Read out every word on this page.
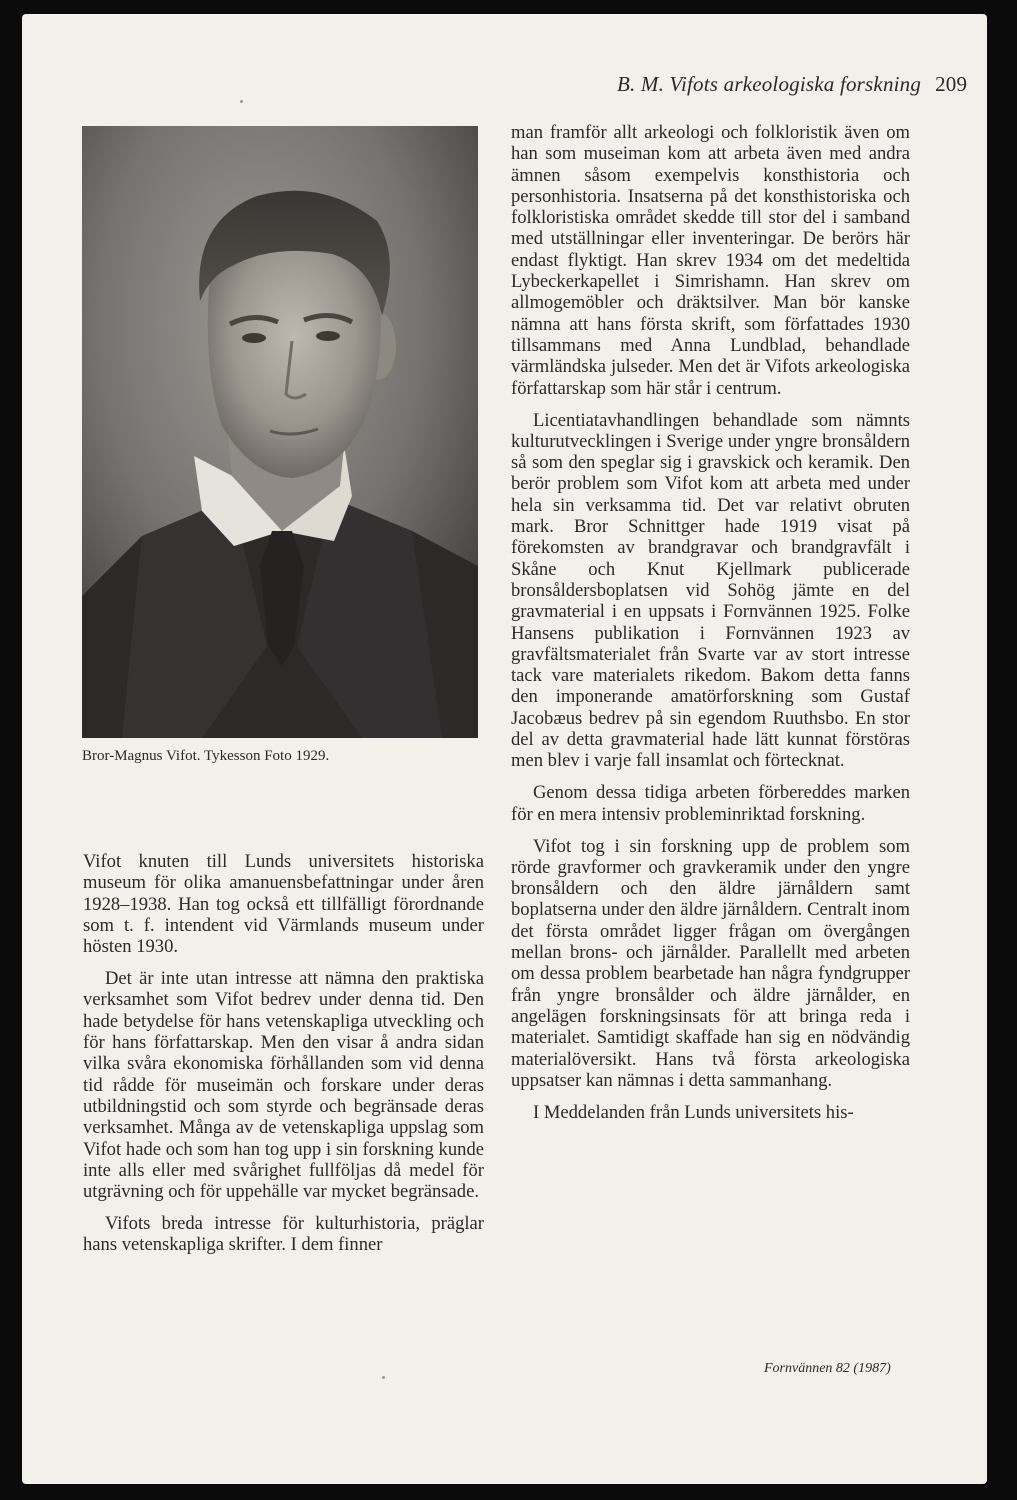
B. M. Vifots arkeologiska forskning 209
Bror-Magnus Vifot. Tykesson Foto 1929.

Vifot knuten till Lunds universitets historiska museum för olika amanuensbefattningar under åren 1928–1938. Han tog också ett tillfälligt förordnande som t. f. intendent vid Värmlands museum under hösten 1930.

Det är inte utan intresse att nämna den praktiska verksamhet som Vifot bedrev under denna tid. Den hade betydelse för hans vetenskapliga utveckling och för hans författarskap. Men den visar å andra sidan vilka svåra ekonomiska förhållanden som vid denna tid rådde för museimän och forskare under deras utbildningstid och som styrde och begränsade deras verksamhet. Många av de vetenskapliga uppslag som Vifot hade och som han tog upp i sin forskning kunde inte alls eller med svårighet fullföljas då medel för utgrävning och för uppehälle var mycket begränsade.

Vifots breda intresse för kulturhistoria, präglar hans vetenskapliga skrifter. I dem finner

man framför allt arkeologi och folkloristik även om han som museiman kom att arbeta även med andra ämnen såsom exempelvis konsthistoria och personhistoria. Insatserna på det konsthistoriska och folkloristiska området skedde till stor del i samband med utställningar eller inventeringar. De berörs här endast flyktigt. Han skrev 1934 om det medeltida Lybeckerkapellet i Simrishamn. Han skrev om allmogemöbler och dräktsilver. Man bör kanske nämna att hans första skrift, som författades 1930 tillsammans med Anna Lundblad, behandlade värmländska julseder. Men det är Vifots arkeologiska författarskap som här står i centrum.

Licentiatavhandlingen behandlade som nämnts kulturutvecklingen i Sverige under yngre bronsåldern så som den speglar sig i gravskick och keramik. Den berör problem som Vifot kom att arbeta med under hela sin verksamma tid. Det var relativt obruten mark. Bror Schnittger hade 1919 visat på förekomsten av brandgravar och brandgravfält i Skåne och Knut Kjellmark publicerade bronsåldersboplatsen vid Sohög jämte en del gravmaterial i en uppsats i Fornvännen 1925. Folke Hansens publikation i Fornvännen 1923 av gravfältsmaterialet från Svarte var av stort intresse tack vare materialets rikedom. Bakom detta fanns den imponerande amatörforskning som Gustaf Jacobæus bedrev på sin egendom Ruuthsbo. En stor del av detta gravmaterial hade lätt kunnat förstöras men blev i varje fall insamlat och förtecknat.

Genom dessa tidiga arbeten förbereddes marken för en mera intensiv probleminriktad forskning.

Vifot tog i sin forskning upp de problem som rörde gravformer och gravkeramik under den yngre bronsåldern och den äldre järnåldern samt boplatserna under den äldre järnåldern. Centralt inom det första området ligger frågan om övergången mellan brons- och järnålder. Parallellt med arbeten om dessa problem bearbetade han några fyndgrupper från yngre bronsålder och äldre järnålder, en angelägen forskningsinsats för att bringa reda i materialet. Samtidigt skaffade han sig en nödvändig materialöversikt. Hans två första arkeologiska uppsatser kan nämnas i detta sammanhang.

I Meddelanden från Lunds universitets his-

Fornvännen 82 (1987)
